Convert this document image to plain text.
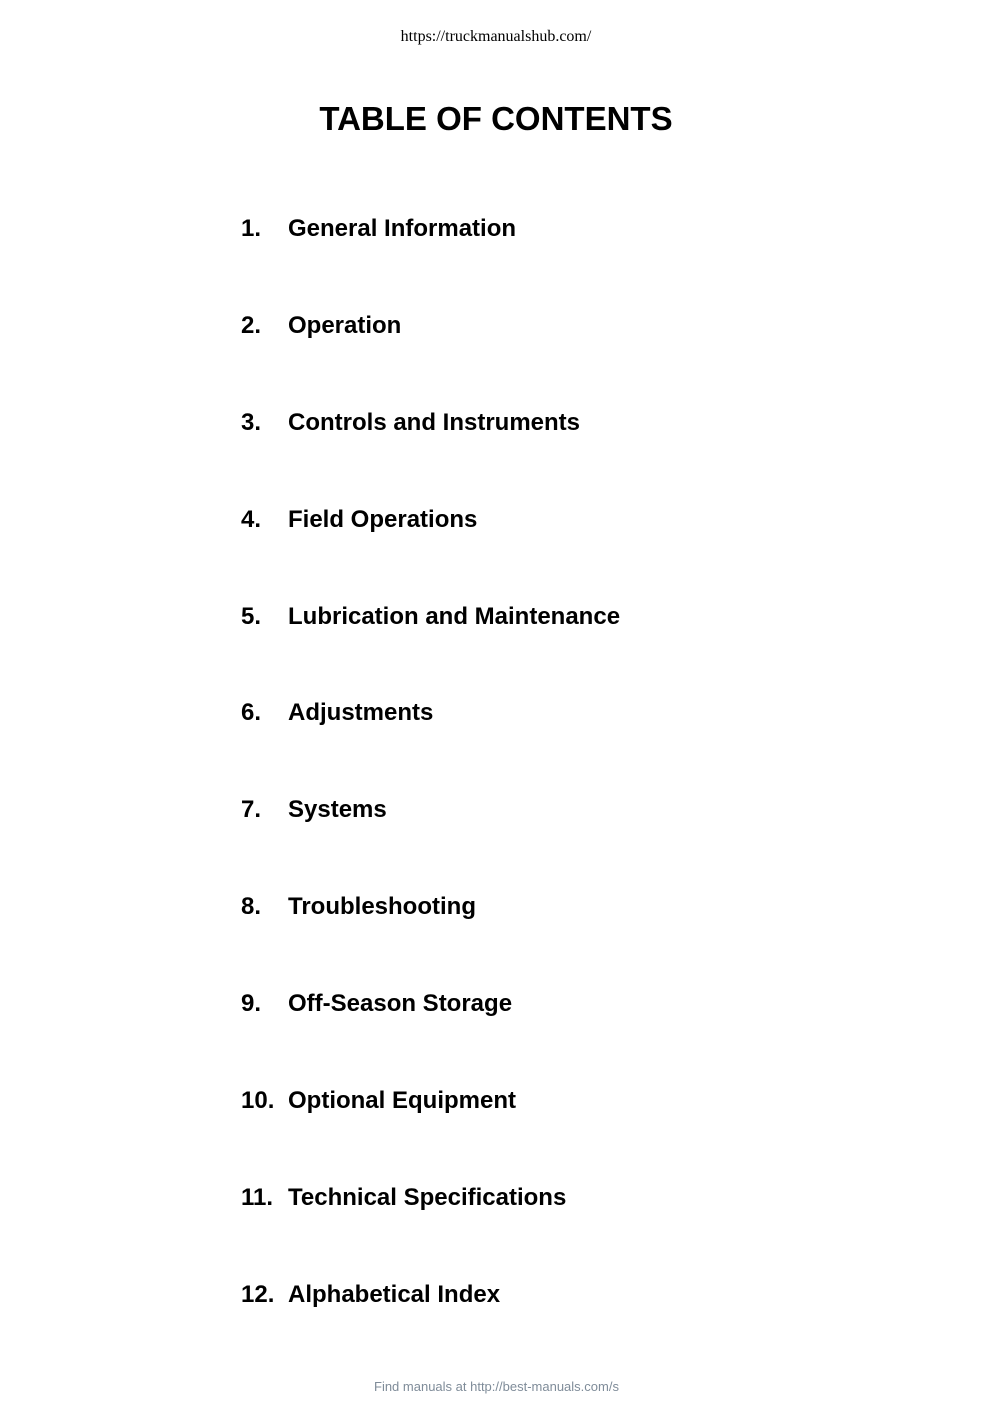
https://truckmanualshub.com/
TABLE OF CONTENTS
1.	General Information
2.	Operation
3.	Controls and Instruments
4.	Field Operations
5.	Lubrication and Maintenance
6.	Adjustments
7.	Systems
8.	Troubleshooting
9.	Off-Season Storage
10. Optional Equipment
11. Technical Specifications
12. Alphabetical Index
Find manuals at http://best-manuals.com/s
